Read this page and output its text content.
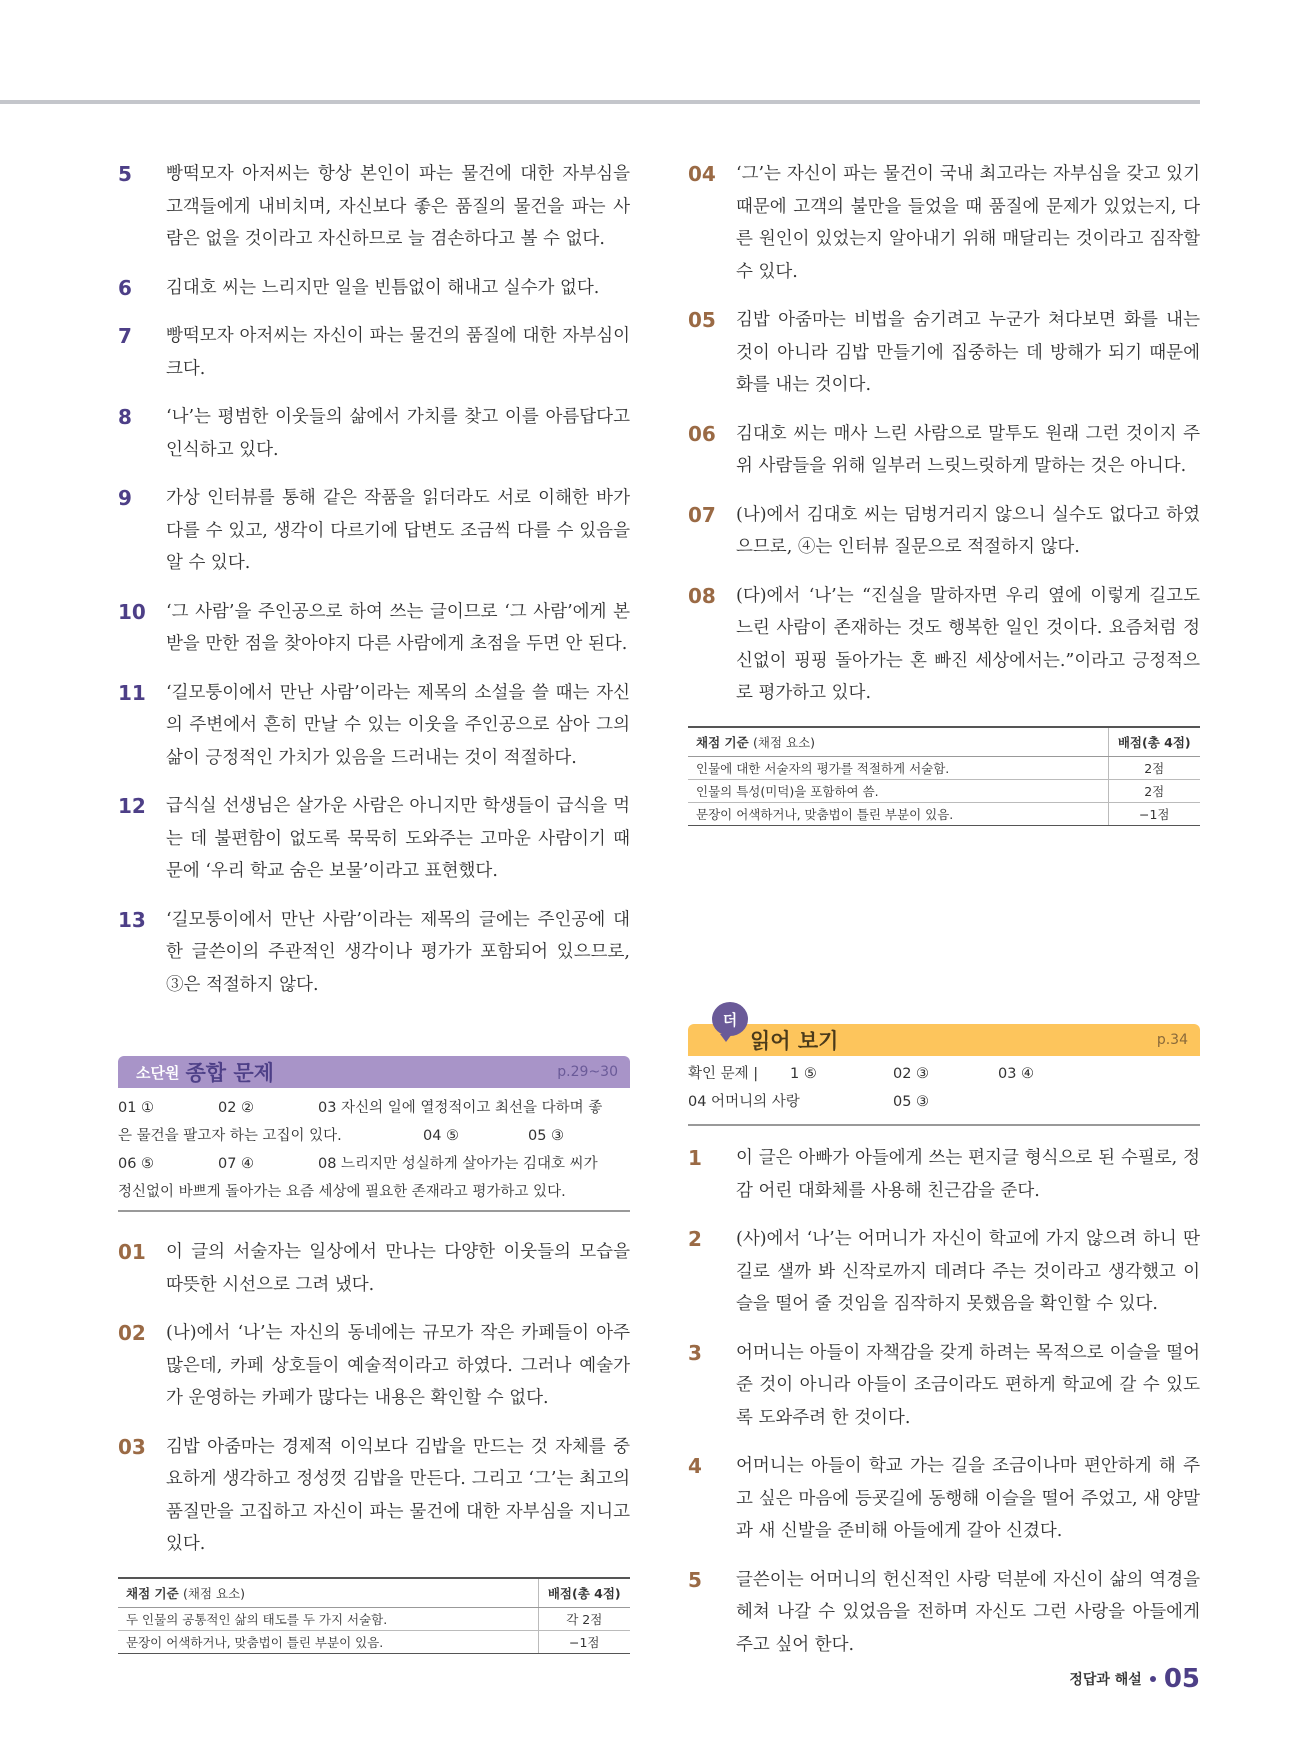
5	빵떡모자 아저씨는 항상 본인이 파는 물건에 대한 자부심을 고객들에게 내비치며, 자신보다 좋은 품질의 물건을 파는 사람은 없을 것이라고 자신하므로 늘 겸손하다고 볼 수 없다.
6	김대호 씨는 느리지만 일을 빈틈없이 해내고 실수가 없다.
7	빵떡모자 아저씨는 자신이 파는 물건의 품질에 대한 자부심이 크다.
8	‘나’는 평범한 이웃들의 삶에서 가치를 찾고 이를 아름답다고 인식하고 있다.
9	가상 인터뷰를 통해 같은 작품을 읽더라도 서로 이해한 바가 다를 수 있고, 생각이 다르기에 답변도 조금씩 다를 수 있음을 알 수 있다.
10	‘그 사람’을 주인공으로 하여 쓰는 글이므로 ‘그 사람’에게 본받을 만한 점을 찾아야지 다른 사람에게 초점을 두면 안 된다.
11	‘길모퉁이에서 만난 사람’이라는 제목의 소설을 쓸 때는 자신의 주변에서 흔히 만날 수 있는 이웃을 주인공으로 삼아 그의 삶이 긍정적인 가치가 있음을 드러내는 것이 적절하다.
12	급식실 선생님은 살가운 사람은 아니지만 학생들이 급식을 먹는 데 불편함이 없도록 묵묵히 도와주는 고마운 사람이기 때문에 ‘우리 학교 숨은 보물’이라고 표현했다.
13	‘길모퉁이에서 만난 사람’이라는 제목의 글에는 주인공에 대한 글쓴이의 주관적인 생각이나 평가가 포함되어 있으므로, ③은 적절하지 않다.
04	‘그’는 자신이 파는 물건이 국내 최고라는 자부심을 갖고 있기 때문에 고객의 불만을 들었을 때 품질에 문제가 있었는지, 다른 원인이 있었는지 알아내기 위해 매달리는 것이라고 짐작할 수 있다.
05	김밥 아줌마는 비법을 숨기려고 누군가 쳐다보면 화를 내는 것이 아니라 김밥 만들기에 집중하는 데 방해가 되기 때문에 화를 내는 것이다.
06	김대호 씨는 매사 느린 사람으로 말투도 원래 그런 것이지 주위 사람들을 위해 일부러 느릿느릿하게 말하는 것은 아니다.
07	(나)에서 김대호 씨는 덤벙거리지 않으니 실수도 없다고 하였으므로, ④는 인터뷰 질문으로 적절하지 않다.
08	(다)에서 ‘나’는 “진실을 말하자면 우리 옆에 이렇게 길고도 느린 사람이 존재하는 것도 행복한 일인 것이다. 요즘처럼 정신없이 핑핑 돌아가는 혼 빠진 세상에서는.”이라고 긍정적으로 평가하고 있다.
채점 기준 (채점 요소)	배점(총 4점)
인물에 대한 서술자의 평가를 적절하게 서술함.	2점
인물의 특성(미덕)을 포함하여 씀.	2점
문장이 어색하거나, 맞춤법이 틀린 부분이 있음.	−1점
소단원 종합 문제	p.29~30
01 ①	02 ②	03 자신의 일에 열정적이고 최선을 다하며 좋
은 물건을 팔고자 하는 고집이 있다.	04 ⑤	05 ③
06 ⑤	07 ④	08 느리지만 성실하게 살아가는 김대호 씨가
정신없이 바쁘게 돌아가는 요즘 세상에 필요한 존재라고 평가하고 있다.
01	이 글의 서술자는 일상에서 만나는 다양한 이웃들의 모습을 따뜻한 시선으로 그려 냈다.
02	(나)에서 ‘나’는 자신의 동네에는 규모가 작은 카페들이 아주 많은데, 카페 상호들이 예술적이라고 하였다. 그러나 예술가가 운영하는 카페가 많다는 내용은 확인할 수 없다.
03	김밥 아줌마는 경제적 이익보다 김밥을 만드는 것 자체를 중요하게 생각하고 정성껏 김밥을 만든다. 그리고 ‘그’는 최고의 품질만을 고집하고 자신이 파는 물건에 대한 자부심을 지니고 있다.
채점 기준 (채점 요소)	배점(총 4점)
두 인물의 공통적인 삶의 태도를 두 가지 서술함.	각 2점
문장이 어색하거나, 맞춤법이 틀린 부분이 있음.	−1점
읽어 보기	p.34
더
확인 문제 | 1 ⑤	02 ③	03 ④
04 어머니의 사랑	05 ③
1	이 글은 아빠가 아들에게 쓰는 편지글 형식으로 된 수필로, 정감 어린 대화체를 사용해 친근감을 준다.
2	(사)에서 ‘나’는 어머니가 자신이 학교에 가지 않으려 하니 딴 길로 샐까 봐 신작로까지 데려다 주는 것이라고 생각했고 이슬을 떨어 줄 것임을 짐작하지 못했음을 확인할 수 있다.
3	어머니는 아들이 자책감을 갖게 하려는 목적으로 이슬을 떨어 준 것이 아니라 아들이 조금이라도 편하게 학교에 갈 수 있도록 도와주려 한 것이다.
4	어머니는 아들이 학교 가는 길을 조금이나마 편안하게 해 주고 싶은 마음에 등굣길에 동행해 이슬을 떨어 주었고, 새 양말과 새 신발을 준비해 아들에게 갈아 신겼다.
5	글쓴이는 어머니의 헌신적인 사랑 덕분에 자신이 삶의 역경을 헤쳐 나갈 수 있었음을 전하며 자신도 그런 사랑을 아들에게 주고 싶어 한다.
정답과 해설 05
